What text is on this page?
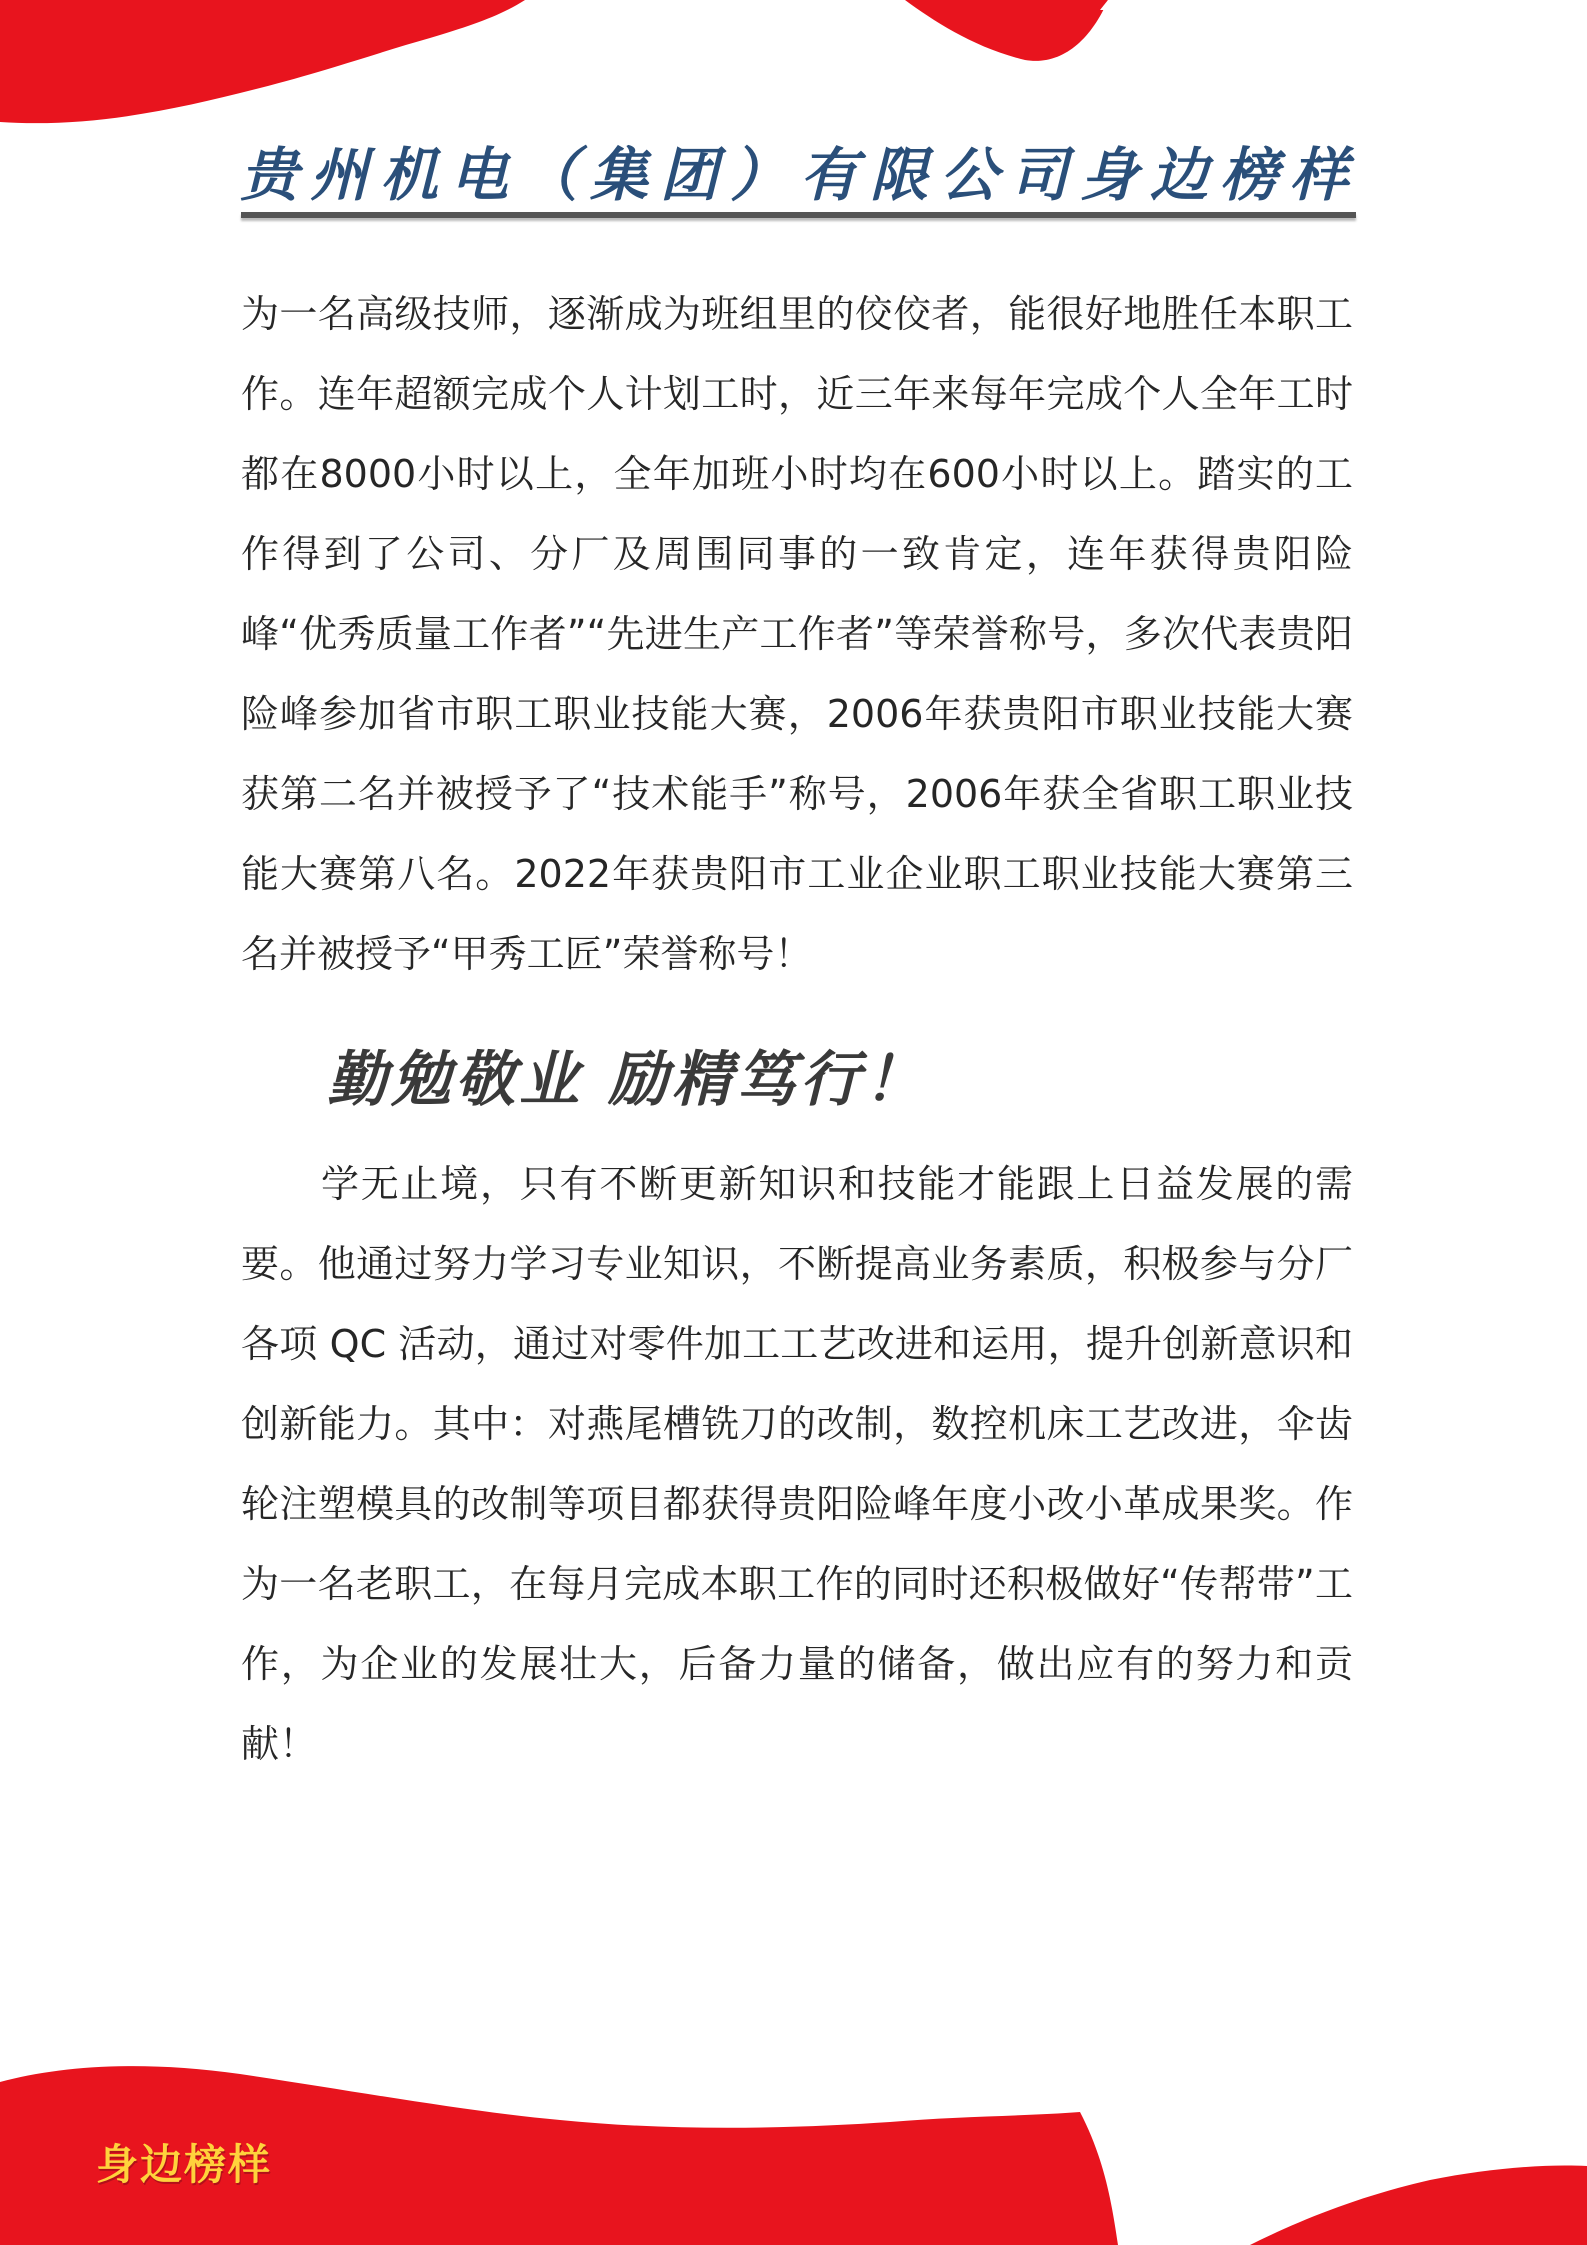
贵州机电（集团）有限公司身边榜样

为一名高级技师，逐渐成为班组里的佼佼者，能很好地胜任本职工作。连年超额完成个人计划工时，近三年来每年完成个人全年工时都在8000小时以上，全年加班小时均在600小时以上。踏实的工作得到了公司、分厂及周围同事的一致肯定，连年获得贵阳险峰“优秀质量工作者”“先进生产工作者”等荣誉称号，多次代表贵阳险峰参加省市职工职业技能大赛，2006年获贵阳市职业技能大赛获第二名并被授予了“技术能手”称号，2006年获全省职工职业技能大赛第八名。2022年获贵阳市工业企业职工职业技能大赛第三名并被授予“甲秀工匠”荣誉称号！

勤勉敬业 励精笃行！

学无止境，只有不断更新知识和技能才能跟上日益发展的需要。他通过努力学习专业知识，不断提高业务素质，积极参与分厂各项 QC 活动，通过对零件加工工艺改进和运用，提升创新意识和创新能力。其中：对燕尾槽铣刀的改制，数控机床工艺改进，伞齿轮注塑模具的改制等项目都获得贵阳险峰年度小改小革成果奖。作为一名老职工，在每月完成本职工作的同时还积极做好“传帮带”工作，为企业的发展壮大，后备力量的储备，做出应有的努力和贡献！

身边榜样
